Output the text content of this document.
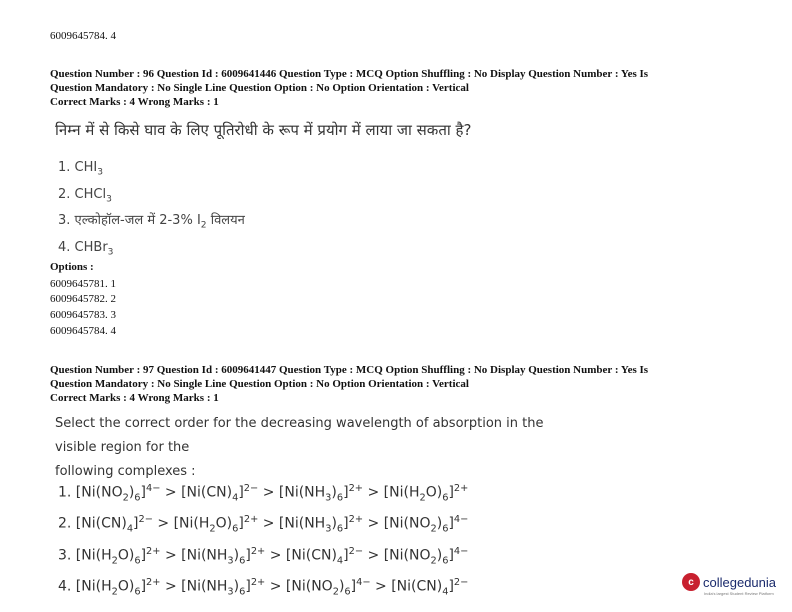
6009645784. 4
Question Number : 96 Question Id : 6009641446 Question Type : MCQ Option Shuffling : No Display Question Number : Yes Is
Question Mandatory : No Single Line Question Option : No Option Orientation : Vertical
Correct Marks : 4 Wrong Marks : 1
निम्न में से किसे घाव के लिए पूतिरोधी के रूप में प्रयोग में लाया जा सकता है?
1. $CHI_3$
2. CHCl$_3$
3. एल्कोहॉल-जल में 2-3% $I_2$ विलयन
4. CHBr$_3$
Options :
6009645781. 1
6009645782. 2
6009645783. 3
6009645784. 4
Question Number : 97 Question Id : 6009641447 Question Type : MCQ Option Shuffling : No Display Question Number : Yes Is
Question Mandatory : No Single Line Question Option : No Option Orientation : Vertical
Correct Marks : 4 Wrong Marks : 1
Select the correct order for the decreasing wavelength of absorption in the visible region for the
following complexes :
1. $[Ni(NO_2)_6]^{4-} > [Ni(CN)_4]^{2-} > [Ni(NH_3)_6]^{2+} > [Ni(H_2O)_6]^{2+}$
2. $[Ni(CN)_4]^{2-} > [Ni(H_2O)_6]^{2+} > [Ni(NH_3)_6]^{2+} > [Ni(NO_2)_6]^{4-}$
3. $[Ni(H_2O)_6]^{2+} > [Ni(NH_3)_6]^{2+} > [Ni(CN)_4]^{2-} > [Ni(NO_2)_6]^{4-}$
4. $[Ni(H_2O)_6]^{2+} > [Ni(NH_3)_6]^{2+} > [Ni(NO_2)_6]^{4-} > [Ni(CN)_4]^{2-}$	c collegedunia
India's largest Student Review Platform
